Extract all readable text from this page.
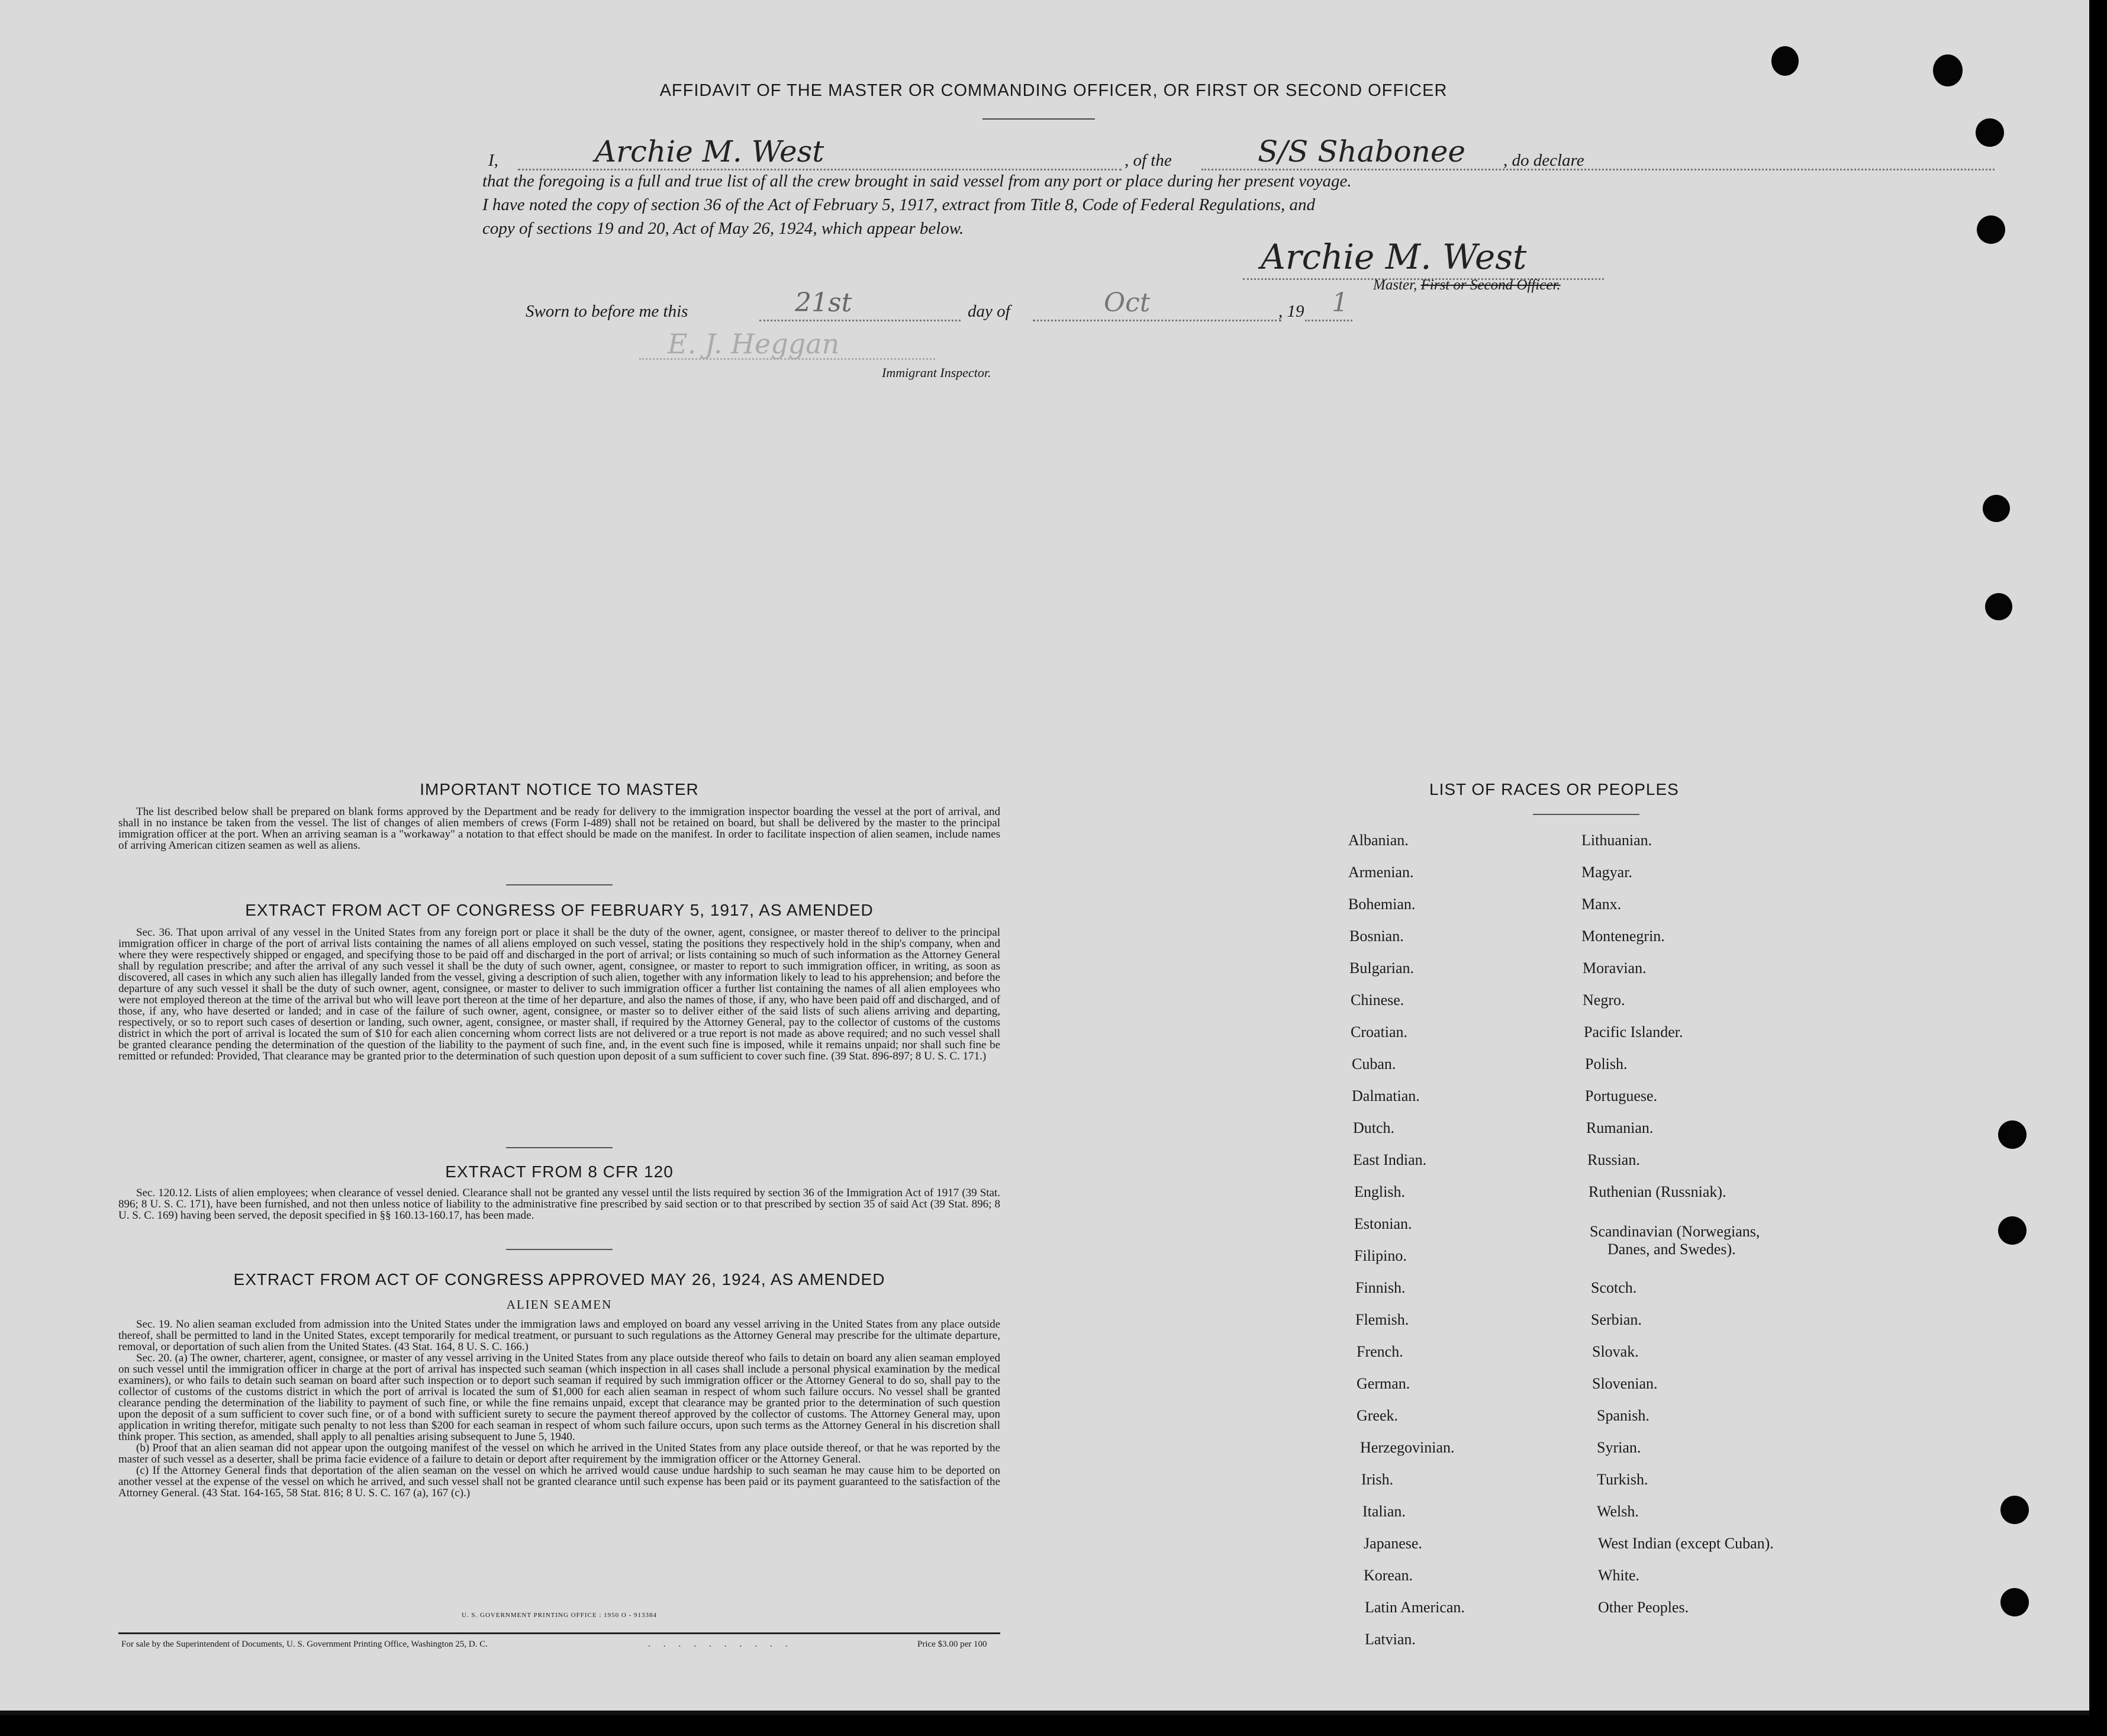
AFFIDAVIT OF THE MASTER OR COMMANDING OFFICER, OR FIRST OR SECOND OFFICER
I,	Archie M. West	, of the	S/S Shabonee , do declare
that the foregoing is a full and true list of all the crew brought in said vessel from any port or place during her present voyage.
I have noted the copy of section 36 of the Act of February 5, 1917, extract from Title 8, Code of Federal Regulations, and
copy of sections 19 and 20, Act of May 26, 1924, which appear below.
Archie M. West
Master, First or Second Officer.
Sworn to before me this	21st	day of	Oct	, 19 1
E. J. Heggan
Immigrant Inspector.
IMPORTANT NOTICE TO MASTER

The list described below shall be prepared on blank forms approved by the Department and be ready for delivery to the immigration inspector boarding the vessel at the port of arrival, and shall in no instance be taken from the vessel. The list of changes of alien members of crews (Form I-489) shall not be retained on board, but shall be delivered by the master to the principal immigration officer at the port. When an arriving seaman is a "workaway" a notation to that effect should be made on the manifest. In order to facilitate inspection of alien seamen, include names of arriving American citizen seamen as well as aliens.

EXTRACT FROM ACT OF CONGRESS OF FEBRUARY 5, 1917, AS AMENDED

Sec. 36. That upon arrival of any vessel in the United States from any foreign port or place it shall be the duty of the owner, agent, consignee, or master thereof to deliver to the principal immigration officer in charge of the port of arrival lists containing the names of all aliens employed on such vessel, stating the positions they respectively hold in the ship's company, when and where they were respectively shipped or engaged, and specifying those to be paid off and discharged in the port of arrival; or lists containing so much of such information as the Attorney General shall by regulation prescribe; and after the arrival of any such vessel it shall be the duty of such owner, agent, consignee, or master to report to such immigration officer, in writing, as soon as discovered, all cases in which any such alien has illegally landed from the vessel, giving a description of such alien, together with any information likely to lead to his apprehension; and before the departure of any such vessel it shall be the duty of such owner, agent, consignee, or master to deliver to such immigration officer a further list containing the names of all alien employees who were not employed thereon at the time of the arrival but who will leave port thereon at the time of her departure, and also the names of those, if any, who have been paid off and discharged, and of those, if any, who have deserted or landed; and in case of the failure of such owner, agent, consignee, or master so to deliver either of the said lists of such aliens arriving and departing, respectively, or so to report such cases of desertion or landing, such owner, agent, consignee, or master shall, if required by the Attorney General, pay to the collector of customs of the customs district in which the port of arrival is located the sum of $10 for each alien concerning whom correct lists are not delivered or a true report is not made as above required; and no such vessel shall be granted clearance pending the determination of the question of the liability to the payment of such fine, and, in the event such fine is imposed, while it remains unpaid; nor shall such fine be remitted or refunded: Provided, That clearance may be granted prior to the determination of such question upon deposit of a sum sufficient to cover such fine. (39 Stat. 896-897; 8 U. S. C. 171.)

EXTRACT FROM 8 CFR 120

Sec. 120.12. Lists of alien employees; when clearance of vessel denied. Clearance shall not be granted any vessel until the lists required by section 36 of the Immigration Act of 1917 (39 Stat. 896; 8 U. S. C. 171), have been furnished, and not then unless notice of liability to the administrative fine prescribed by said section or to that prescribed by section 35 of said Act (39 Stat. 896; 8 U. S. C. 169) having been served, the deposit specified in §§ 160.13-160.17, has been made.

EXTRACT FROM ACT OF CONGRESS APPROVED MAY 26, 1924, AS AMENDED
ALIEN SEAMEN

Sec. 19. No alien seaman excluded from admission into the United States under the immigration laws and employed on board any vessel arriving in the United States from any place outside thereof, shall be permitted to land in the United States, except temporarily for medical treatment, or pursuant to such regulations as the Attorney General may prescribe for the ultimate departure, removal, or deportation of such alien from the United States. (43 Stat. 164, 8 U. S. C. 166.)

Sec. 20. (a) The owner, charterer, agent, consignee, or master of any vessel arriving in the United States from any place outside thereof who fails to detain on board any alien seaman employed on such vessel until the immigration officer in charge at the port of arrival has inspected such seaman (which inspection in all cases shall include a personal physical examination by the medical examiners), or who fails to detain such seaman on board after such inspection or to deport such seaman if required by such immigration officer or the Attorney General to do so, shall pay to the collector of customs of the customs district in which the port of arrival is located the sum of $1,000 for each alien seaman in respect of whom such failure occurs. No vessel shall be granted clearance pending the determination of the liability to payment of such fine, or while the fine remains unpaid, except that clearance may be granted prior to the determination of such question upon the deposit of a sum sufficient to cover such fine, or of a bond with sufficient surety to secure the payment thereof approved by the collector of customs. The Attorney General may, upon application in writing therefor, mitigate such penalty to not less than $200 for each seaman in respect of whom such failure occurs, upon such terms as the Attorney General in his discretion shall think proper. This section, as amended, shall apply to all penalties arising subsequent to June 5, 1940.

(b) Proof that an alien seaman did not appear upon the outgoing manifest of the vessel on which he arrived in the United States from any place outside thereof, or that he was reported by the master of such vessel as a deserter, shall be prima facie evidence of a failure to detain or deport after requirement by the immigration officer or the Attorney General.

(c) If the Attorney General finds that deportation of the alien seaman on the vessel on which he arrived would cause undue hardship to such seaman he may cause him to be deported on another vessel at the expense of the vessel on which he arrived, and such vessel shall not be granted clearance until such expense has been paid or its payment guaranteed to the satisfaction of the Attorney General. (43 Stat. 164-165, 58 Stat. 816; 8 U. S. C. 167 (a), 167 (c).)

U. S. GOVERNMENT PRINTING OFFICE : 1950 O - 913384
For sale by the Superintendent of Documents, U. S. Government Printing Office, Washington 25, D. C.	..........	Price $3.00 per 100
LIST OF RACES OR PEOPLES
Albanian.
Armenian.
Bohemian.
Bosnian.
Bulgarian.
Chinese.
Croatian.
Cuban.
Dalmatian.
Dutch.
East Indian.
English.
Estonian.
Filipino.
Finnish.
Flemish.
French.
German.
Greek.
Herzegovinian.
Irish.
Italian.
Japanese.
Korean.
Latin American.
Latvian.
Lithuanian.
Magyar.
Manx.
Montenegrin.
Moravian.
Negro.
Pacific Islander.
Polish.
Portuguese.
Rumanian.
Russian.
Ruthenian (Russniak).
Scandinavian (Norwegians,
Danes, and Swedes).
Scotch.
Serbian.
Slovak.
Slovenian.
Spanish.
Syrian.
Turkish.
Welsh.
West Indian (except Cuban).
White.
Other Peoples.
